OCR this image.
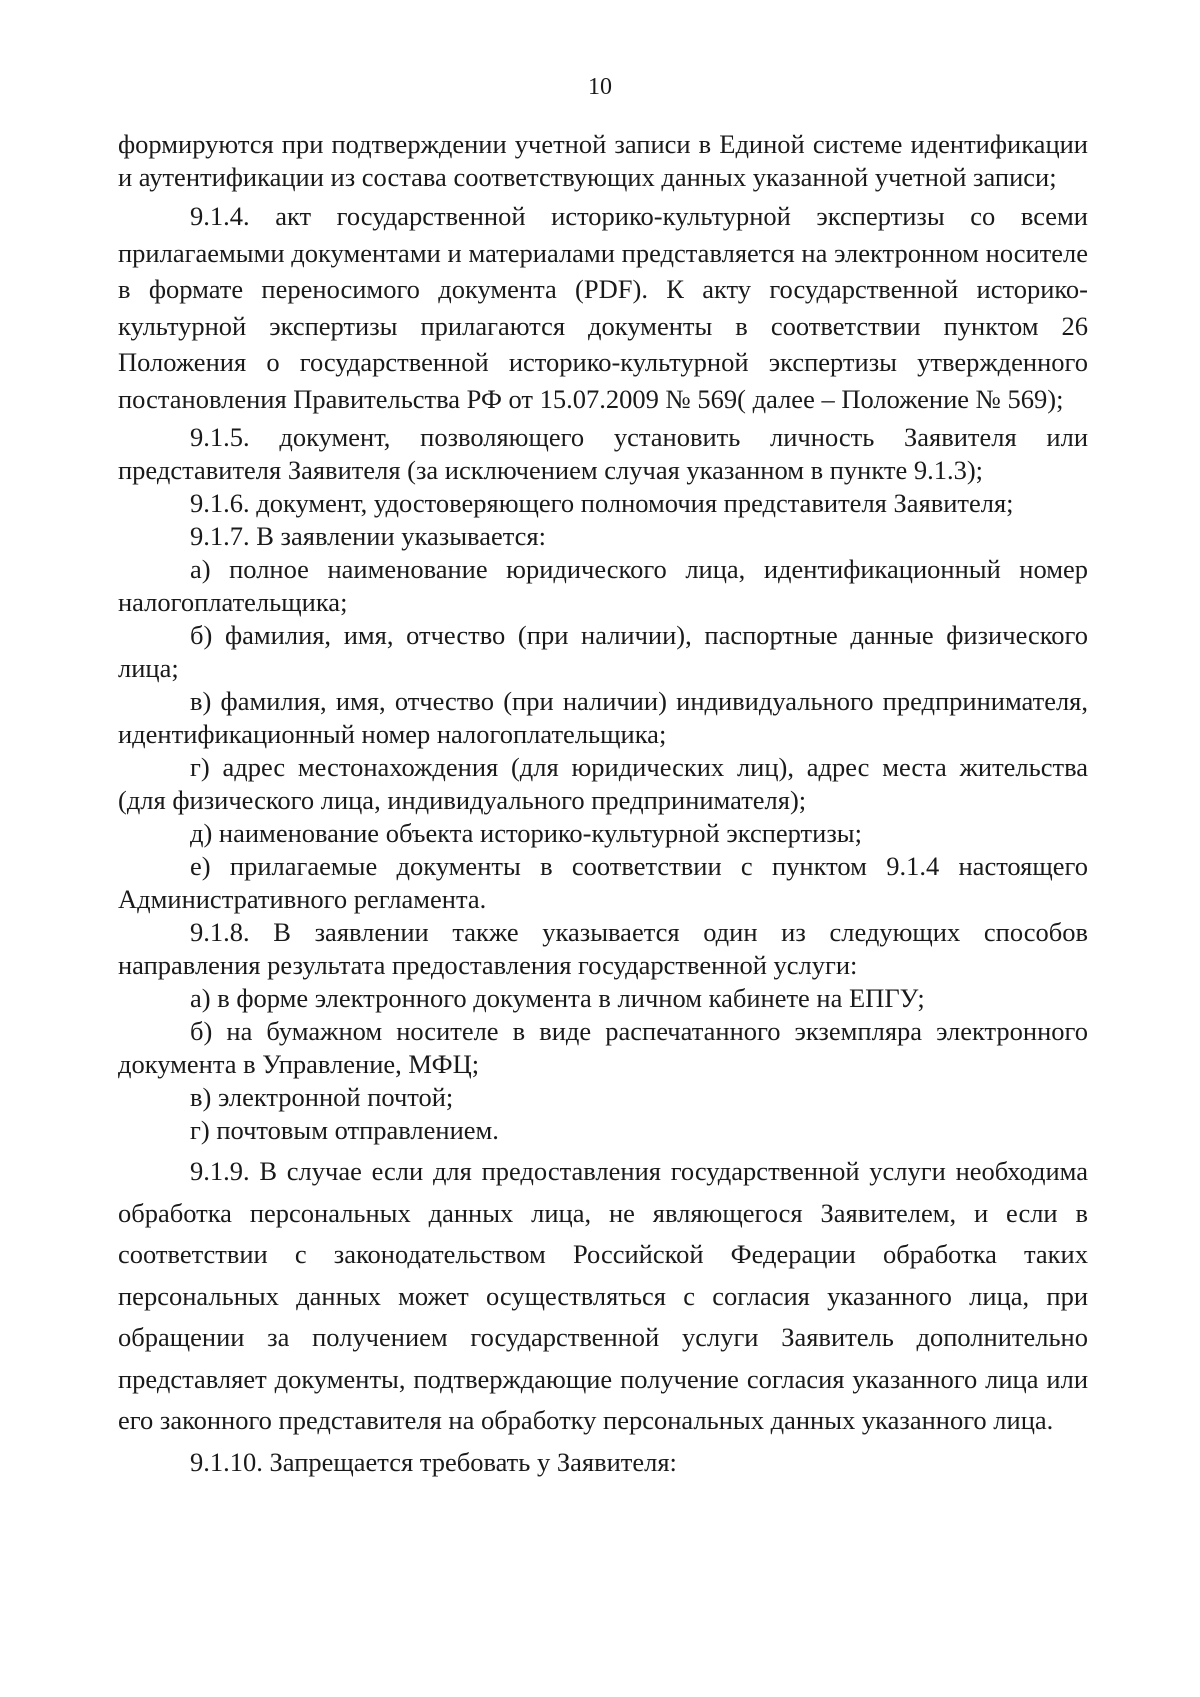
10

формируются при подтверждении учетной записи в Единой системе идентификации и аутентификации из состава соответствующих данных указанной учетной записи;

9.1.4. акт государственной историко-культурной экспертизы со всеми прилагаемыми документами и материалами представляется на электронном носителе в формате переносимого документа (PDF). К акту государственной историко-культурной экспертизы прилагаются документы в соответствии пунктом 26 Положения о государственной историко-культурной экспертизы утвержденного постановления Правительства РФ от 15.07.2009 № 569( далее – Положение № 569);

9.1.5. документ, позволяющего установить личность Заявителя или представителя Заявителя (за исключением случая указанном в пункте 9.1.3);

9.1.6. документ, удостоверяющего полномочия представителя Заявителя;

9.1.7. В заявлении указывается:

а) полное наименование юридического лица, идентификационный номер налогоплательщика;

б) фамилия, имя, отчество (при наличии), паспортные данные физического лица;

в) фамилия, имя, отчество (при наличии) индивидуального предпринимателя, идентификационный номер налогоплательщика;

г) адрес местонахождения (для юридических лиц), адрес места жительства (для физического лица, индивидуального предпринимателя);

д) наименование объекта историко-культурной экспертизы;

е) прилагаемые документы в соответствии с пунктом 9.1.4 настоящего Административного регламента.

9.1.8. В заявлении также указывается один из следующих способов направления результата предоставления государственной услуги:

а) в форме электронного документа в личном кабинете на ЕПГУ;

б) на бумажном носителе в виде распечатанного экземпляра электронного документа в Управление, МФЦ;

в) электронной почтой;

г) почтовым отправлением.

9.1.9. В случае если для предоставления государственной услуги необходима обработка персональных данных лица, не являющегося Заявителем, и если в соответствии с законодательством Российской Федерации обработка таких персональных данных может осуществляться с согласия указанного лица, при обращении за получением государственной услуги Заявитель дополнительно представляет документы, подтверждающие получение согласия указанного лица или его законного представителя на обработку персональных данных указанного лица.

9.1.10. Запрещается требовать у Заявителя:
